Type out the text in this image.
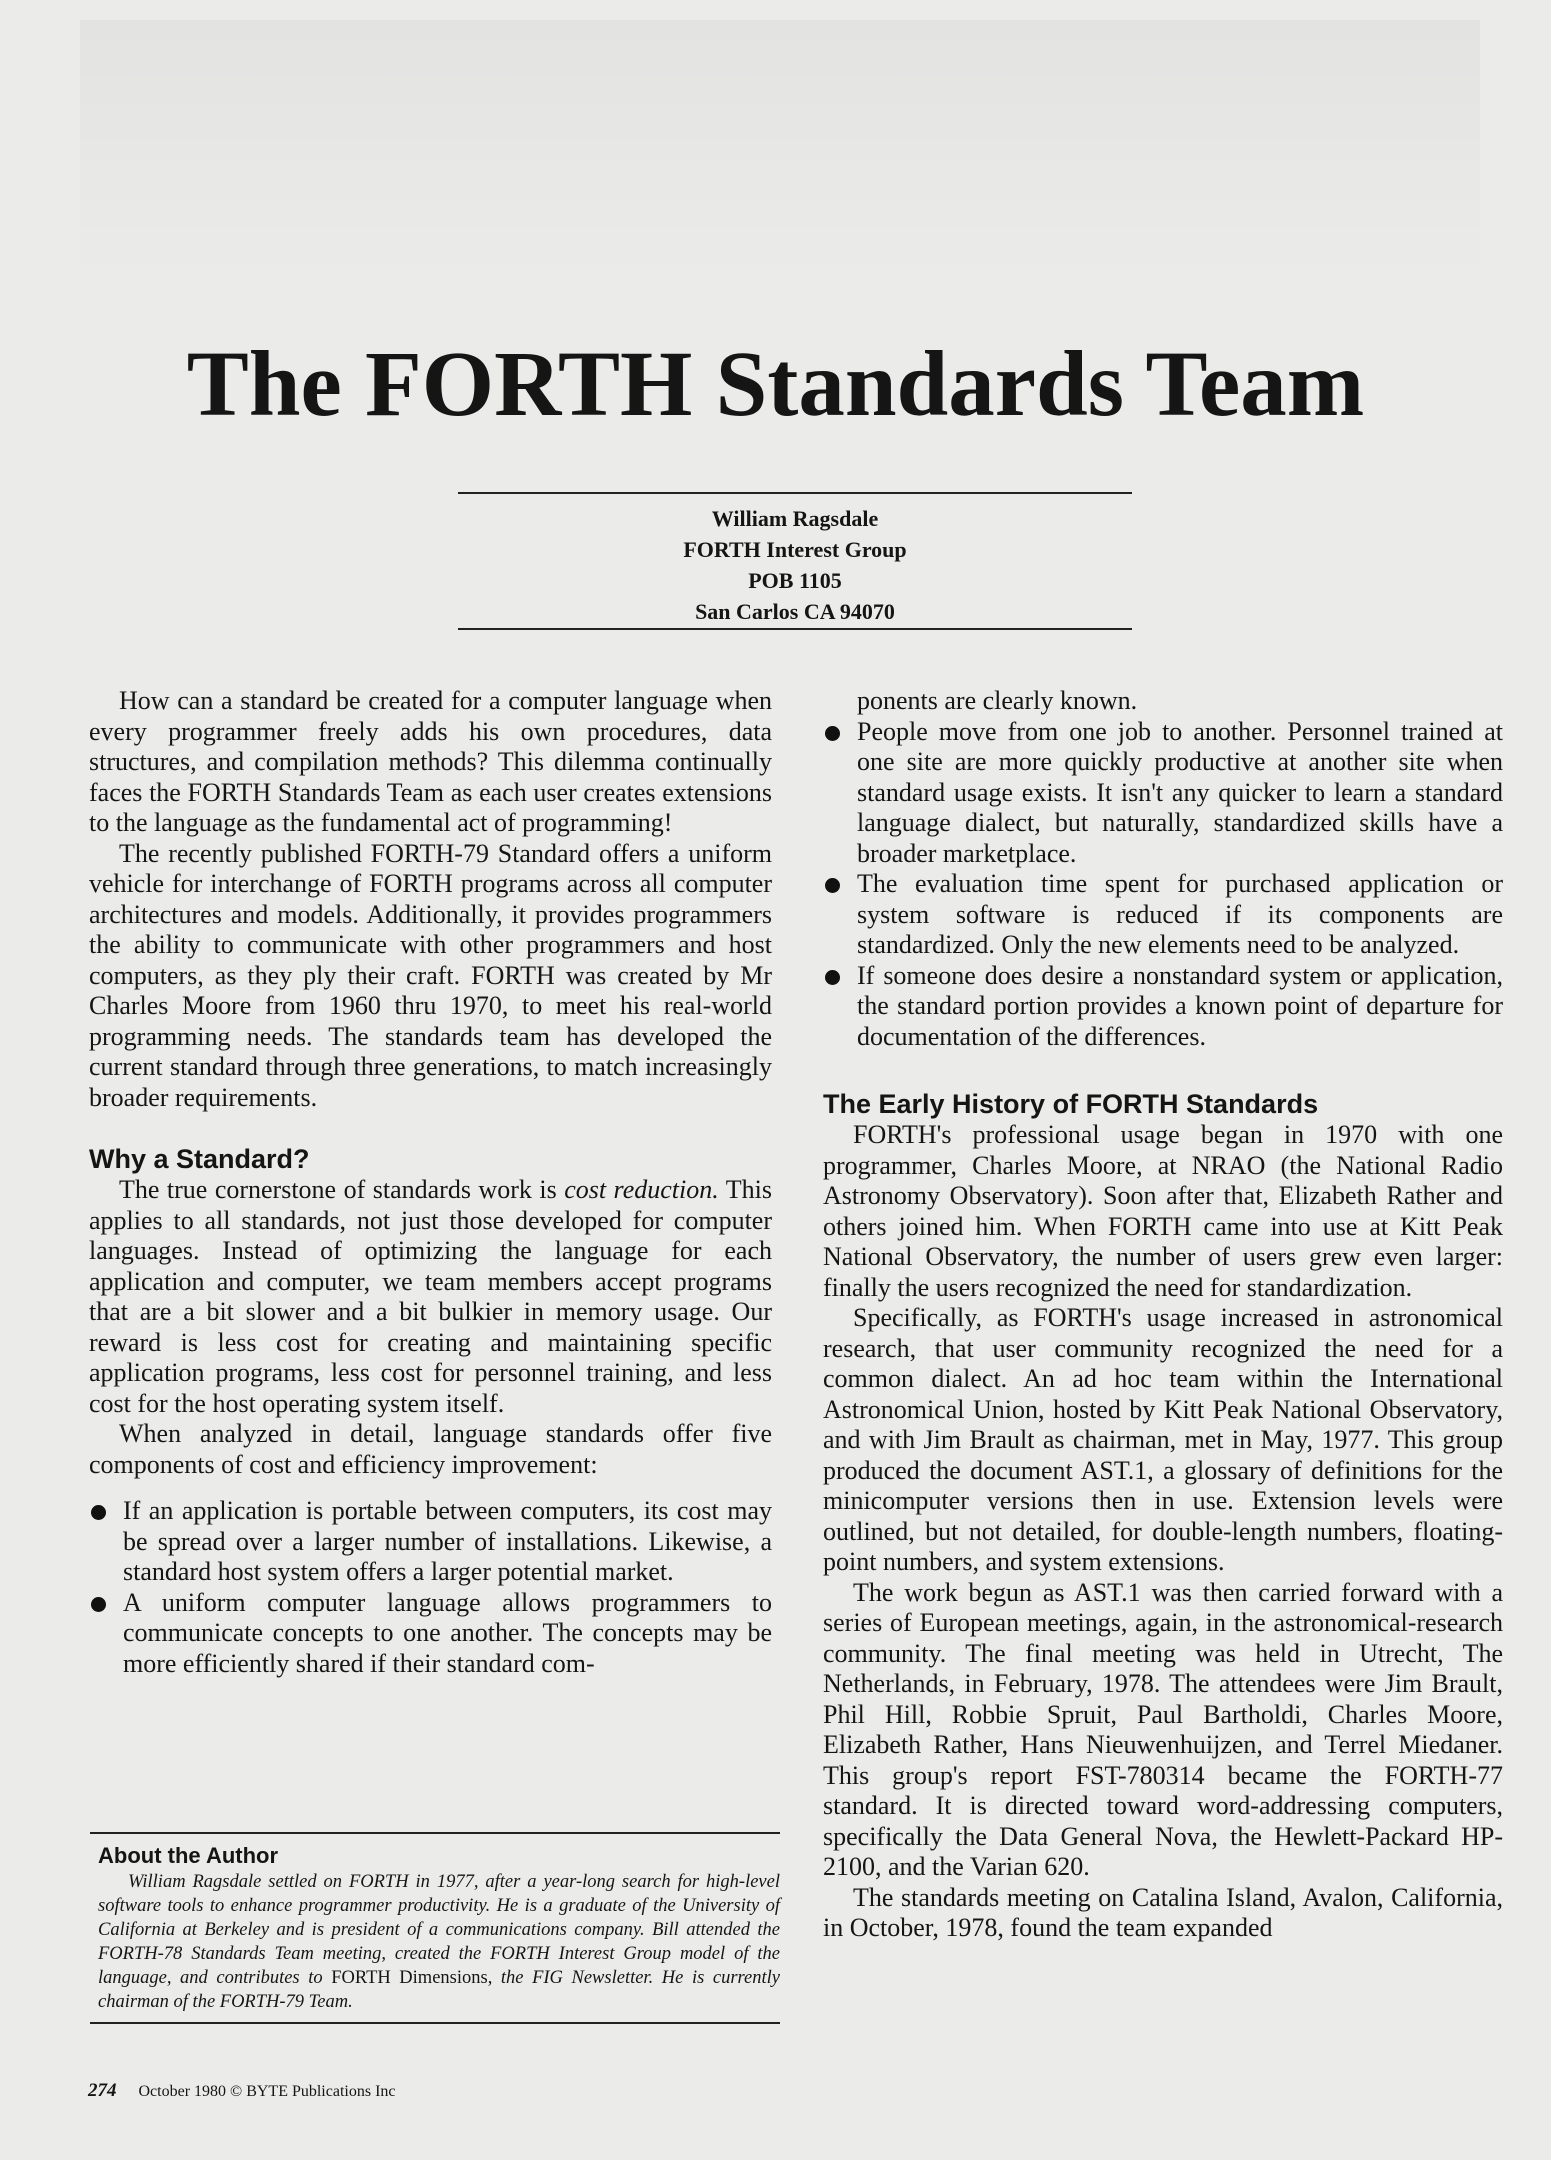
The FORTH Standards Team
William Ragsdale
FORTH Interest Group
POB 1105
San Carlos CA 94070

How can a standard be created for a computer language when every programmer freely adds his own procedures, data structures, and compilation methods? This dilemma continually faces the FORTH Standards Team as each user creates extensions to the language as the fundamental act of programming!

The recently published FORTH-79 Standard offers a uniform vehicle for interchange of FORTH programs across all computer architectures and models. Additionally, it provides programmers the ability to communicate with other programmers and host computers, as they ply their craft. FORTH was created by Mr Charles Moore from 1960 thru 1970, to meet his real-world programming needs. The standards team has developed the current standard through three generations, to match increasingly broader requirements.

Why a Standard?

The true cornerstone of standards work is cost reduction. This applies to all standards, not just those developed for computer languages. Instead of optimizing the language for each application and computer, we team members accept programs that are a bit slower and a bit bulkier in memory usage. Our reward is less cost for creating and maintaining specific application programs, less cost for personnel training, and less cost for the host operating system itself.

When analyzed in detail, language standards offer five components of cost and efficiency improvement:

If an application is portable between computers, its cost may be spread over a larger number of installations. Likewise, a standard host system offers a larger potential market.
A uniform computer language allows programmers to communicate concepts to one another. The concepts may be more efficiently shared if their standard com-
About the Author

William Ragsdale settled on FORTH in 1977, after a year-long search for high-level software tools to enhance programmer productivity. He is a graduate of the University of California at Berkeley and is president of a communications company. Bill attended the FORTH-78 Standards Team meeting, created the FORTH Interest Group model of the language, and contributes to FORTH Dimensions, the FIG Newsletter. He is currently chairman of the FORTH-79 Team.

ponents are clearly known.

People move from one job to another. Personnel trained at one site are more quickly productive at another site when standard usage exists. It isn't any quicker to learn a standard language dialect, but naturally, standardized skills have a broader marketplace.
The evaluation time spent for purchased application or system software is reduced if its components are standardized. Only the new elements need to be analyzed.
If someone does desire a nonstandard system or application, the standard portion provides a known point of departure for documentation of the differences.
The Early History of FORTH Standards

FORTH's professional usage began in 1970 with one programmer, Charles Moore, at NRAO (the National Radio Astronomy Observatory). Soon after that, Elizabeth Rather and others joined him. When FORTH came into use at Kitt Peak National Observatory, the number of users grew even larger: finally the users recognized the need for standardization.

Specifically, as FORTH's usage increased in astronomical research, that user community recognized the need for a common dialect. An ad hoc team within the International Astronomical Union, hosted by Kitt Peak National Observatory, and with Jim Brault as chairman, met in May, 1977. This group produced the document AST.1, a glossary of definitions for the minicomputer versions then in use. Extension levels were outlined, but not detailed, for double-length numbers, floating-point numbers, and system extensions.

The work begun as AST.1 was then carried forward with a series of European meetings, again, in the astronomical-research community. The final meeting was held in Utrecht, The Netherlands, in February, 1978. The attendees were Jim Brault, Phil Hill, Robbie Spruit, Paul Bartholdi, Charles Moore, Elizabeth Rather, Hans Nieuwenhuijzen, and Terrel Miedaner. This group's report FST-780314 became the FORTH-77 standard. It is directed toward word-addressing computers, specifically the Data General Nova, the Hewlett-Packard HP-2100, and the Varian 620.

The standards meeting on Catalina Island, Avalon, California, in October, 1978, found the team expanded

274 October 1980 © BYTE Publications Inc
